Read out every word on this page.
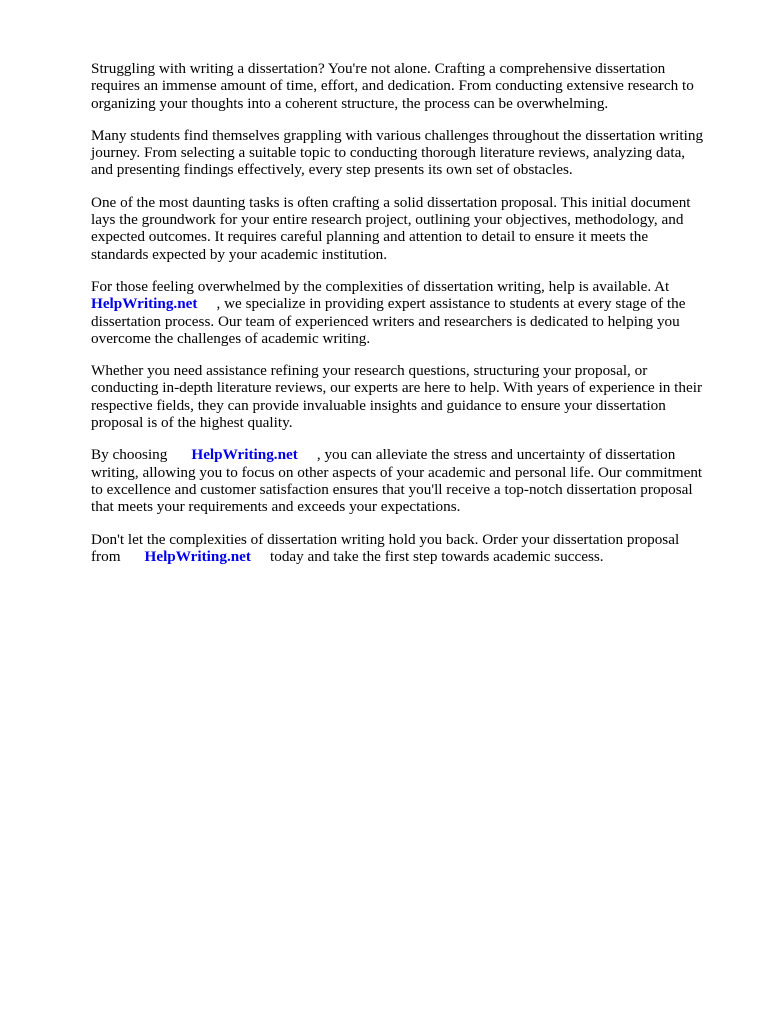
Struggling with writing a dissertation? You're not alone. Crafting a comprehensive dissertation
requires an immense amount of time, effort, and dedication. From conducting extensive research to
organizing your thoughts into a coherent structure, the process can be overwhelming.

Many students find themselves grappling with various challenges throughout the dissertation writing
journey. From selecting a suitable topic to conducting thorough literature reviews, analyzing data,
and presenting findings effectively, every step presents its own set of obstacles.

One of the most daunting tasks is often crafting a solid dissertation proposal. This initial document
lays the groundwork for your entire research project, outlining your objectives, methodology, and
expected outcomes. It requires careful planning and attention to detail to ensure it meets the
standards expected by your academic institution.

For those feeling overwhelmed by the complexities of dissertation writing, help is available. At
HelpWriting.net , we specialize in providing expert assistance to students at every stage of the
dissertation process. Our team of experienced writers and researchers is dedicated to helping you
overcome the challenges of academic writing.

Whether you need assistance refining your research questions, structuring your proposal, or
conducting in-depth literature reviews, our experts are here to help. With years of experience in their
respective fields, they can provide invaluable insights and guidance to ensure your dissertation
proposal is of the highest quality.

By choosing HelpWriting.net , you can alleviate the stress and uncertainty of dissertation
writing, allowing you to focus on other aspects of your academic and personal life. Our commitment
to excellence and customer satisfaction ensures that you'll receive a top-notch dissertation proposal
that meets your requirements and exceeds your expectations.

Don't let the complexities of dissertation writing hold you back. Order your dissertation proposal
from HelpWriting.net today and take the first step towards academic success.
